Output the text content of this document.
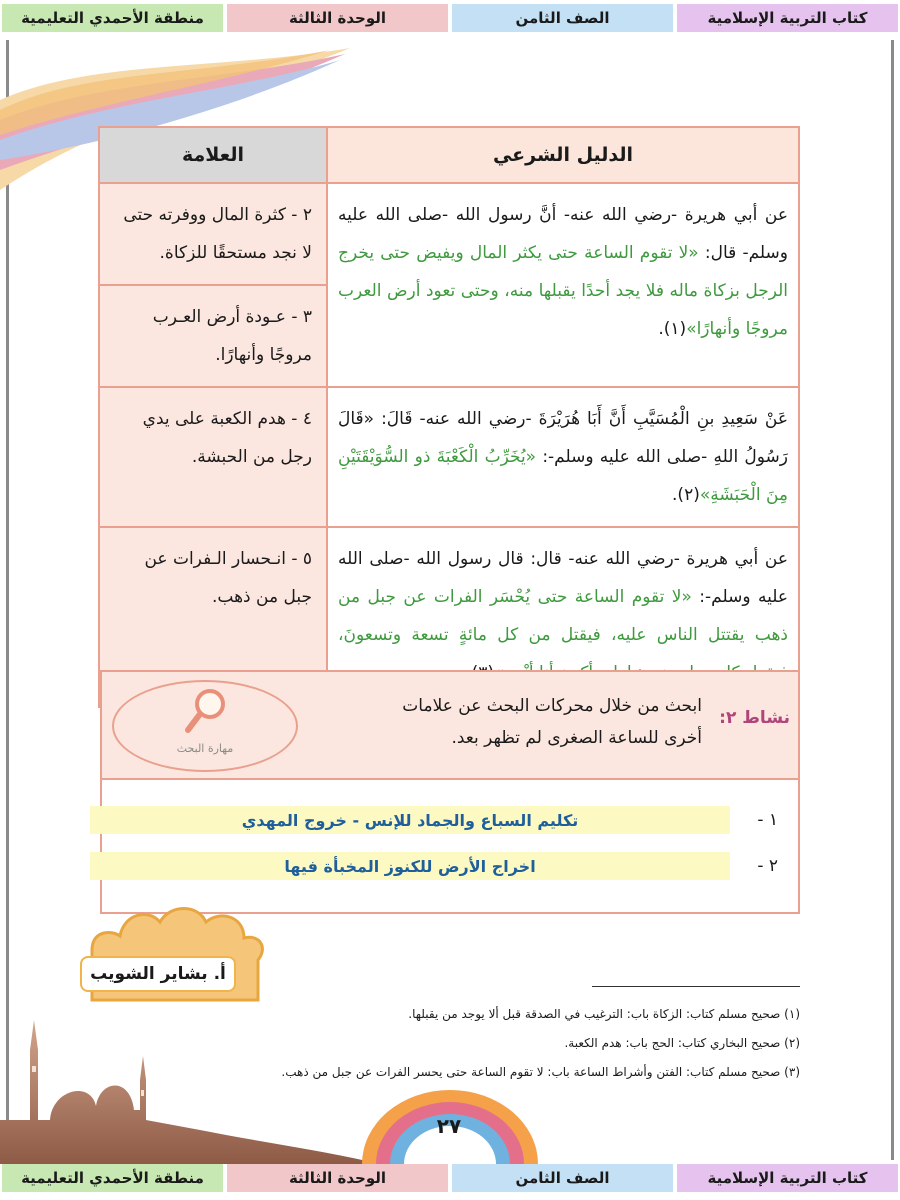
منطقة الأحمدي التعليمية	الوحدة الثالثة	الصف الثامن	كتاب التربية الإسلامية
الدليل الشرعي	العلامة
عن أبي هريرة -رضي الله عنه- أنَّ رسول الله -صلى الله عليه وسلم- قال: «لا تقوم الساعة حتى يكثر المال ويفيض حتى يخرج الرجل بزكاة ماله فلا يجد أحدًا يقبلها منه، وحتى تعود أرض العرب مروجًا وأنهارًا»(١).	٢ - كثرة المال ووفرته حتى لا نجد مستحقًا للزكاة.
	٣ - عـودة أرض العـرب مروجًا وأنهارًا.
عَنْ سَعِيدِ بنِ الْمُسَيَّبِ أَنَّ أَبَا هُرَيْرَةَ -رضي الله عنه- قَالَ: «قَالَ رَسُولُ اللهِ -صلى الله عليه وسلم-: «يُخَرِّبُ الْكَعْبَةَ ذو السُّوَيْقَتَيْنِ مِنَ الْحَبَشَةِ»(٢).	٤ - هدم الكعبة على يدي رجل من الحبشة.
عن أبي هريرة -رضي الله عنه- قال: قال رسول الله -صلى الله عليه وسلم-: «لا تقوم الساعة حتى يُحْسَر الفرات عن جبل من ذهب يقتتل الناس عليه، فيقتل من كل مائةٍ تسعة وتسعونَ،	٥ - انـحسار الـفرات عن جبل من ذهب.
نشاط ٢:
ابحث من خلال محركات البحث عن علامات أخرى للساعة الصغرى لم تظهر بعد.
مهارة البحث
١ -
تكليم السباع والجماد للإنس - خروج المهدي
٢ -
اخراج الأرض للكنوز المخبأة فيها
أ. بشاير الشويب
(١) صحيح مسلم كتاب: الزكاة باب: الترغيب في الصدقة قبل ألا يوجد من يقبلها.
(٢) صحيح البخاري كتاب: الحج باب: هدم الكعبة.
(٣) صحيح مسلم كتاب: الفتن وأشراط الساعة باب: لا تقوم الساعة حتى يحسر الفرات عن جبل من ذهب.
٢٧
منطقة الأحمدي التعليمية	الوحدة الثالثة	الصف الثامن	كتاب التربية الإسلامية
